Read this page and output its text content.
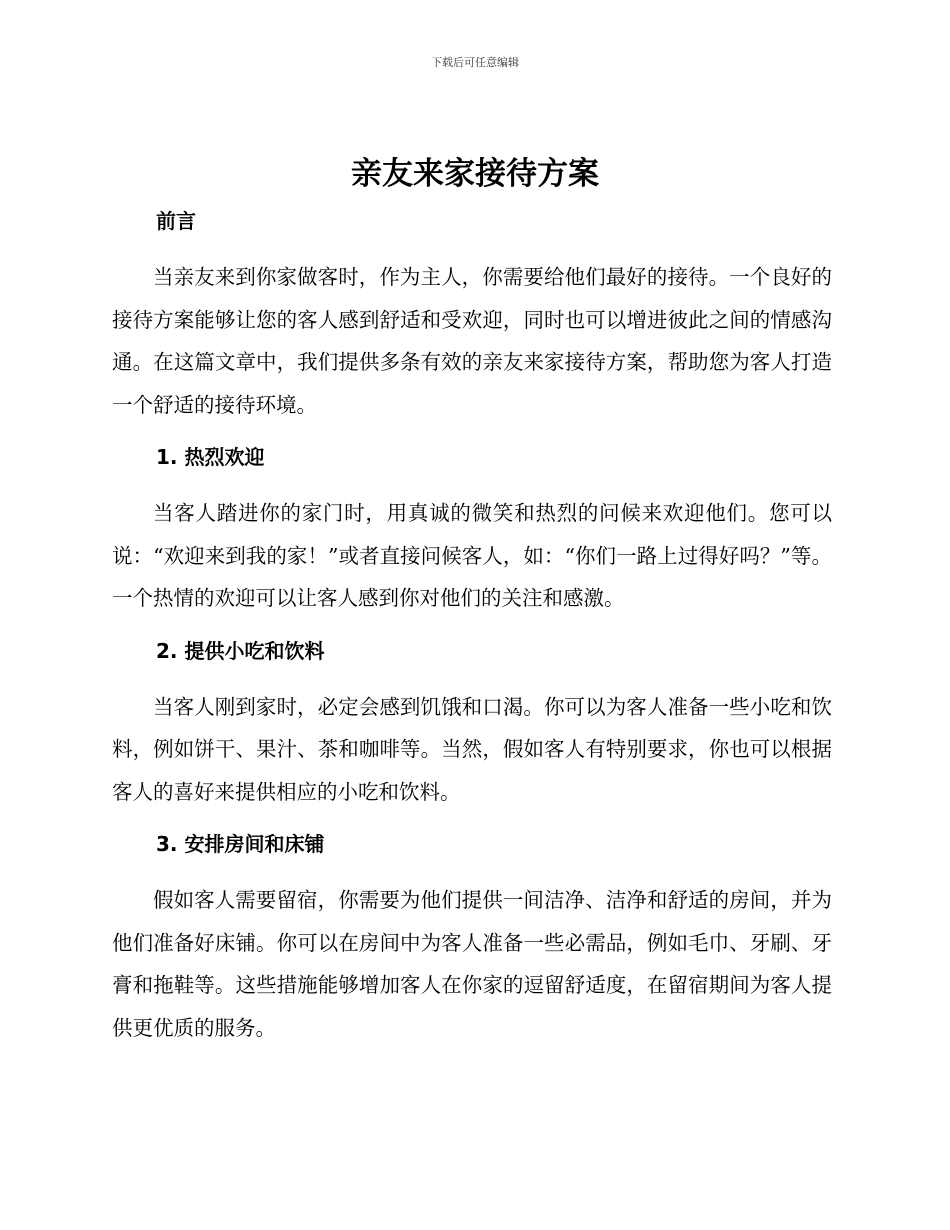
下载后可任意编辑
亲友来家接待方案
前言

当亲友来到你家做客时，作为主人，你需要给他们最好的接待。一个良好的接待方案能够让您的客人感到舒适和受欢迎，同时也可以增进彼此之间的情感沟通。在这篇文章中，我们提供多条有效的亲友来家接待方案，帮助您为客人打造一个舒适的接待环境。

1. 热烈欢迎

当客人踏进你的家门时，用真诚的微笑和热烈的问候来欢迎他们。您可以说：“欢迎来到我的家！”或者直接问候客人，如：“你们一路上过得好吗？”等。一个热情的欢迎可以让客人感到你对他们的关注和感激。

2. 提供小吃和饮料

当客人刚到家时，必定会感到饥饿和口渴。你可以为客人准备一些小吃和饮料，例如饼干、果汁、茶和咖啡等。当然，假如客人有特别要求，你也可以根据客人的喜好来提供相应的小吃和饮料。

3. 安排房间和床铺

假如客人需要留宿，你需要为他们提供一间洁净、洁净和舒适的房间，并为他们准备好床铺。你可以在房间中为客人准备一些必需品，例如毛巾、牙刷、牙膏和拖鞋等。这些措施能够增加客人在你家的逗留舒适度，在留宿期间为客人提供更优质的服务。
